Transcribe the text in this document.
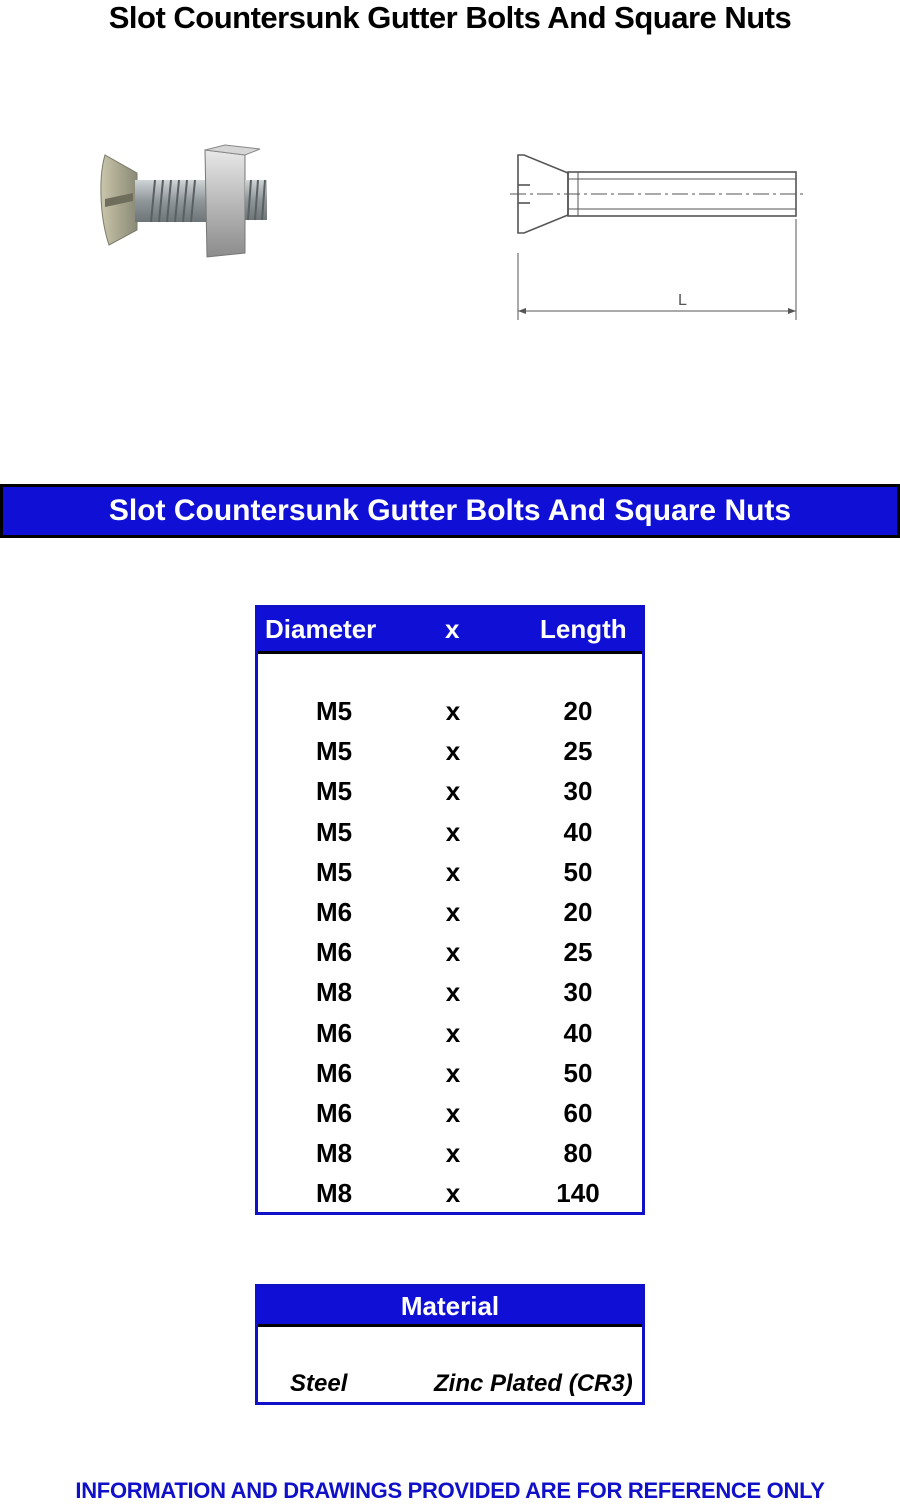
Slot Countersunk Gutter Bolts And Square Nuts
L
Slot Countersunk Gutter Bolts And Square Nuts
Diameter	x	Length
M5	x	20
M5	x	25
M5	x	30
M5	x	40
M5	x	50
M6	x	20
M6	x	25
M8	x	30
M6	x	40
M6	x	50
M6	x	60
M8	x	80
M8	x	140
Material
Steel	Zinc Plated (CR3)
INFORMATION AND DRAWINGS PROVIDED ARE FOR REFERENCE ONLY
